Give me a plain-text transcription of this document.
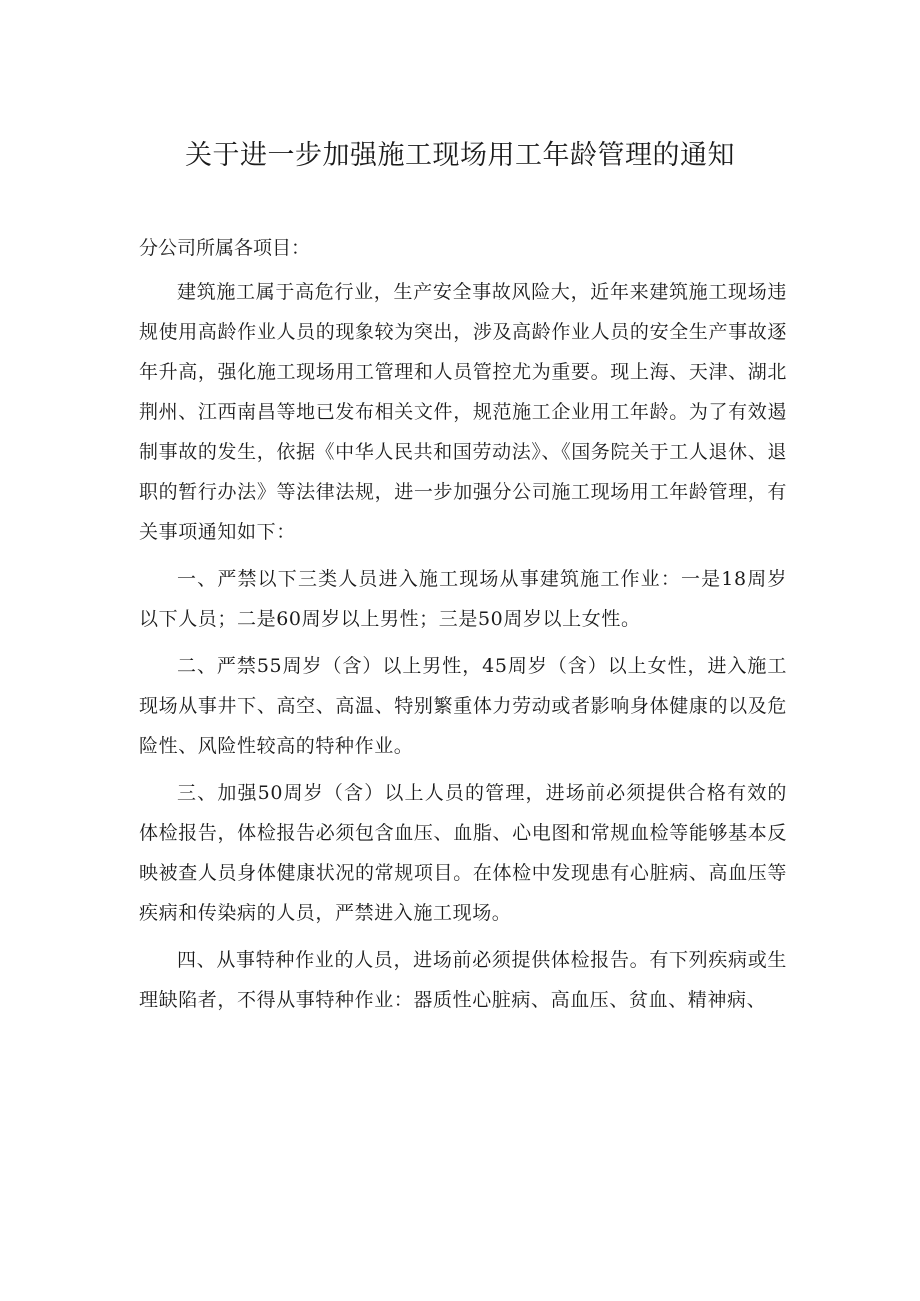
关于进一步加强施工现场用工年龄管理的通知

分公司所属各项目：

建筑施工属于高危行业，生产安全事故风险大，近年来建筑施工现场违规使用高龄作业人员的现象较为突出，涉及高龄作业人员的安全生产事故逐年升高，强化施工现场用工管理和人员管控尤为重要。现上海、天津、湖北荆州、江西南昌等地已发布相关文件，规范施工企业用工年龄。为了有效遏制事故的发生，依据《中华人民共和国劳动法》、《国务院关于工人退休、退职的暂行办法》等法律法规，进一步加强分公司施工现场用工年龄管理，有关事项通知如下：

一、严禁以下三类人员进入施工现场从事建筑施工作业：一是18周岁以下人员；二是60周岁以上男性；三是50周岁以上女性。

二、严禁55周岁（含）以上男性，45周岁（含）以上女性，进入施工现场从事井下、高空、高温、特别繁重体力劳动或者影响身体健康的以及危险性、风险性较高的特种作业。

三、加强50周岁（含）以上人员的管理，进场前必须提供合格有效的体检报告，体检报告必须包含血压、血脂、心电图和常规血检等能够基本反映被查人员身体健康状况的常规项目。在体检中发现患有心脏病、高血压等疾病和传染病的人员，严禁进入施工现场。

四、从事特种作业的人员，进场前必须提供体检报告。有下列疾病或生理缺陷者，不得从事特种作业：器质性心脏病、高血压、贫血、精神病、
